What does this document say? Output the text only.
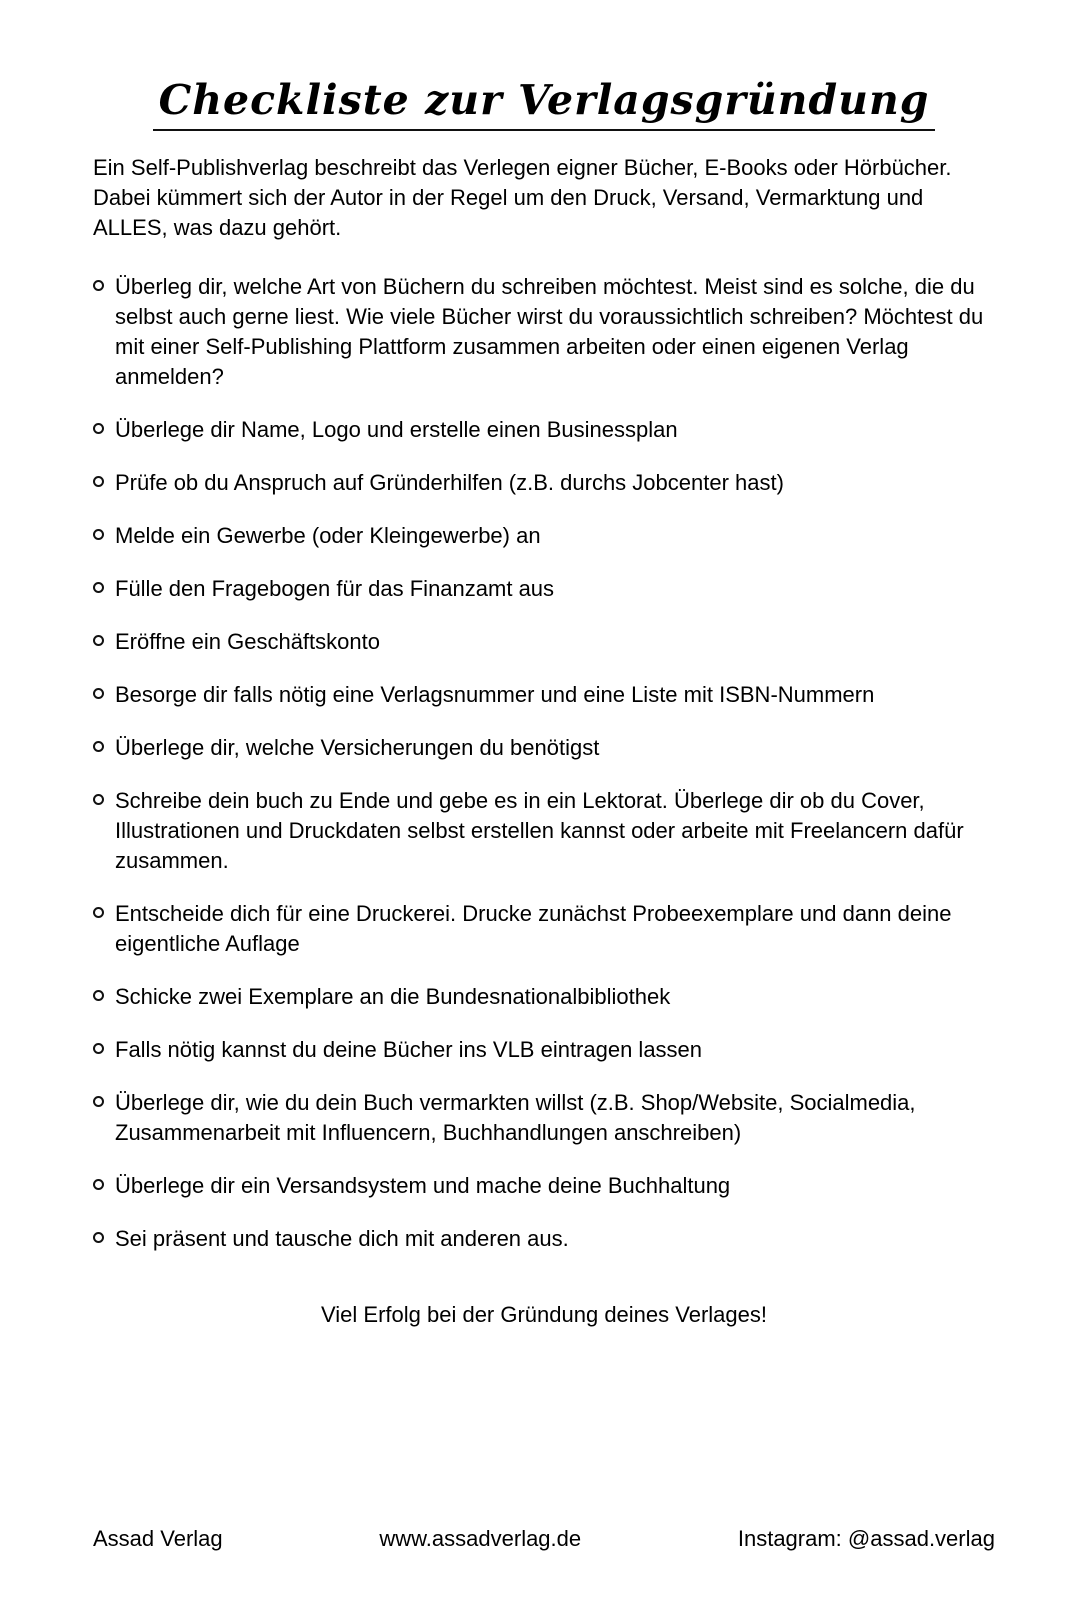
Checkliste zur Verlagsgründung

Ein Self-Publishverlag beschreibt das Verlegen eigner Bücher, E-Books oder Hörbücher. Dabei kümmert sich der Autor in der Regel um den Druck, Versand, Vermarktung und ALLES, was dazu gehört.

Überleg dir, welche Art von Büchern du schreiben möchtest. Meist sind es solche, die du selbst auch gerne liest. Wie viele Bücher wirst du voraussichtlich schreiben? Möchtest du mit einer Self-Publishing Plattform zusammen arbeiten oder einen eigenen Verlag anmelden?
Überlege dir Name, Logo und erstelle einen Businessplan
Prüfe ob du Anspruch auf Gründerhilfen (z.B. durchs Jobcenter hast)
Melde ein Gewerbe (oder Kleingewerbe) an
Fülle den Fragebogen für das Finanzamt aus
Eröffne ein Geschäftskonto
Besorge dir falls nötig eine Verlagsnummer und eine Liste mit ISBN-Nummern
Überlege dir, welche Versicherungen du benötigst
Schreibe dein buch zu Ende und gebe es in ein Lektorat. Überlege dir ob du Cover, Illustrationen und Druckdaten selbst erstellen kannst oder arbeite mit Freelancern dafür zusammen.
Entscheide dich für eine Druckerei. Drucke zunächst Probeexemplare und dann deine eigentliche Auflage
Schicke zwei Exemplare an die Bundesnationalbibliothek
Falls nötig kannst du deine Bücher ins VLB eintragen lassen
Überlege dir, wie du dein Buch vermarkten willst (z.B. Shop/Website, Socialmedia, Zusammenarbeit mit Influencern, Buchhandlungen anschreiben)
Überlege dir ein Versandsystem und mache deine Buchhaltung
Sei präsent und tausche dich mit anderen aus.

Viel Erfolg bei der Gründung deines Verlages!

Assad Verlag	www.assadverlag.de	Instagram: @assad.verlag
